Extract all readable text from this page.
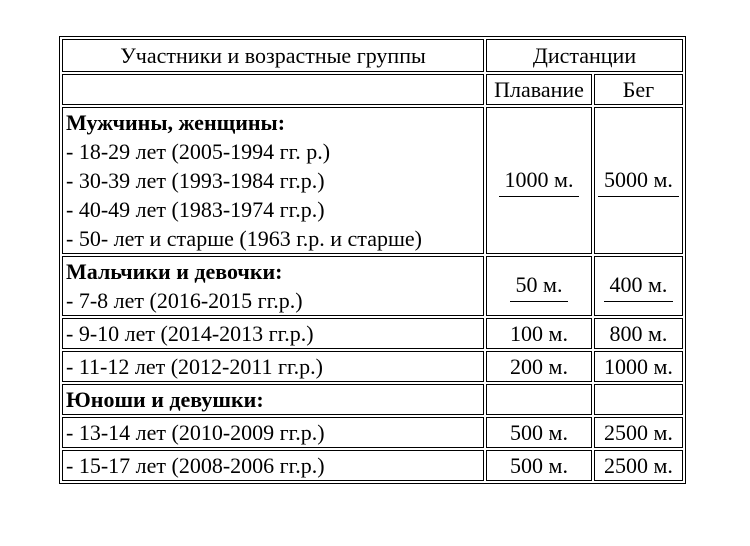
Участники и возрастные группы	Дистанции	
	Плавание	Бег

Мужчины, женщины:
- 18-29 лет (2005-1994 гг. р.)
- 30-39 лет (1993-1984 гг.р.)
- 40-49 лет (1983-1974 гг.р.)
- 50- лет и старше (1963 г.р. и старше)	1000 м.	5000 м.

Мальчики и девочки:
- 7-8 лет (2016-2015 гг.р.)	50 м.	400 м.
- 9-10 лет (2014-2013 гг.р.)	100 м.	800 м.
- 11-12 лет (2012-2011 гг.р.)	200 м.	1000 м.
Юноши и девушки:		
- 13-14 лет (2010-2009 гг.р.)	500 м.	2500 м.
- 15-17 лет (2008-2006 гг.р.)	500 м.	2500 м.
